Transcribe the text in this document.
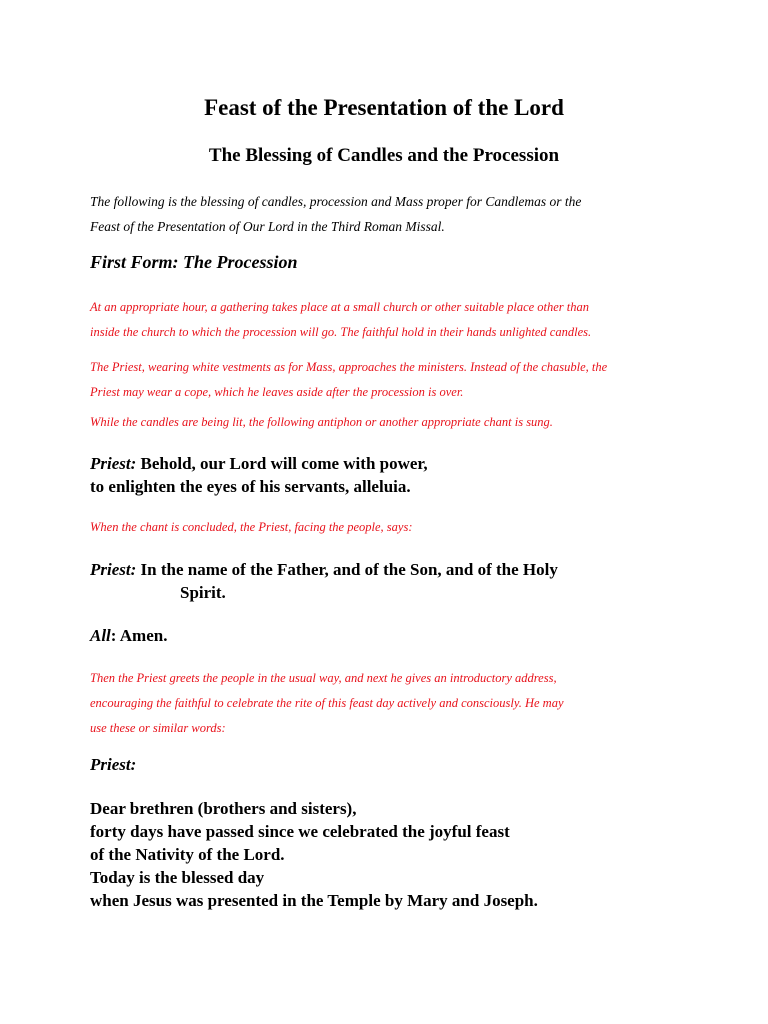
Feast of the Presentation of the Lord
The Blessing of Candles and the Procession

The following is the blessing of candles, procession and Mass proper for Candlemas or the
Feast of the Presentation of Our Lord in the Third Roman Missal.

First Form: The Procession

At an appropriate hour, a gathering takes place at a small church or other suitable place other than
inside the church to which the procession will go. The faithful hold in their hands unlighted candles.

The Priest, wearing white vestments as for Mass, approaches the ministers. Instead of the chasuble, the
Priest may wear a cope, which he leaves aside after the procession is over.

While the candles are being lit, the following antiphon or another appropriate chant is sung.

Priest: Behold, our Lord will come with power,
to enlighten the eyes of his servants, alleluia.

When the chant is concluded, the Priest, facing the people, says:

Priest: In the name of the Father, and of the Son, and of the Holy
Spirit.

All: Amen.

Then the Priest greets the people in the usual way, and next he gives an introductory address,
encouraging the faithful to celebrate the rite of this feast day actively and consciously. He may
use these or similar words:

Priest:

Dear brethren (brothers and sisters),
forty days have passed since we celebrated the joyful feast
of the Nativity of the Lord.
Today is the blessed day
when Jesus was presented in the Temple by Mary and Joseph.
